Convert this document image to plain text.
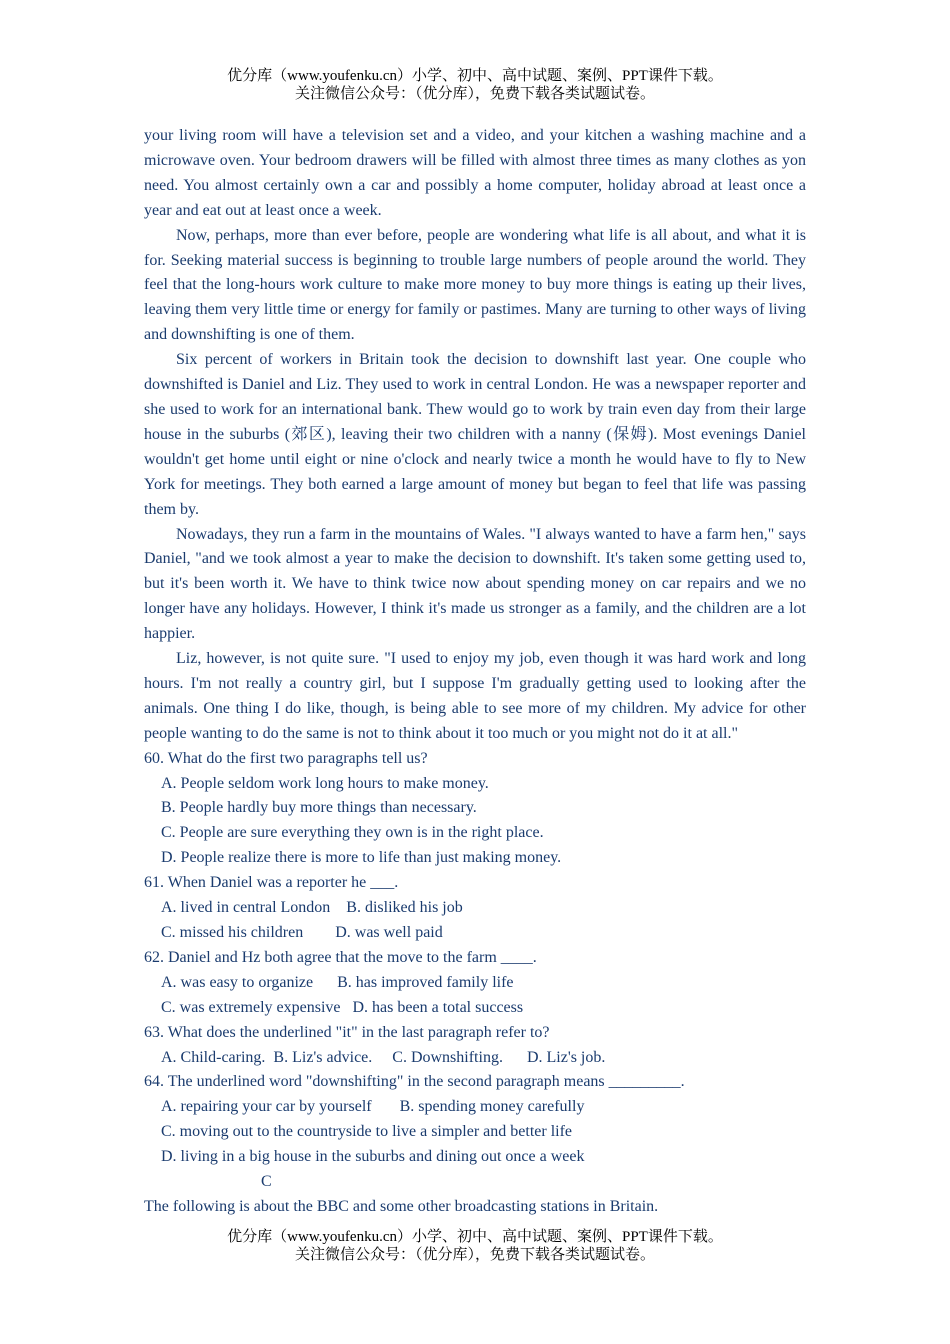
优分库（www.youfenku.cn）小学、初中、高中试题、案例、PPT课件下载。
关注微信公众号：（优分库），免费下载各类试题试卷。

your living room will have a television set and a video, and your kitchen a washing machine and a microwave oven. Your bedroom drawers will be filled with almost three times as many clothes as yon need. You almost certainly own a car and possibly a home computer, holiday abroad at least once a year and eat out at least once a week.

Now, perhaps, more than ever before, people are wondering what life is all about, and what it is for. Seeking material success is beginning to trouble large numbers of people around the world. They feel that the long-hours work culture to make more money to buy more things is eating up their lives, leaving them very little time or energy for family or pastimes. Many are turning to other ways of living and downshifting is one of them.

Six percent of workers in Britain took the decision to downshift last year. One couple who downshifted is Daniel and Liz. They used to work in central London. He was a newspaper reporter and she used to work for an international bank. Thew would go to work by train even day from their large house in the suburbs (郊区), leaving their two children with a nanny (保姆). Most evenings Daniel wouldn't get home until eight or nine o'clock and nearly twice a month he would have to fly to New York for meetings. They both earned a large amount of money but began to feel that life was passing them by.

Nowadays, they run a farm in the mountains of Wales. "I always wanted to have a farm hen," says Daniel, "and we took almost a year to make the decision to downshift. It's taken some getting used to, but it's been worth it. We have to think twice now about spending money on car repairs and we no longer have any holidays. However, I think it's made us stronger as a family, and the children are a lot happier.

Liz, however, is not quite sure. "I used to enjoy my job, even though it was hard work and long hours. I'm not really a country girl, but I suppose I'm gradually getting used to looking after the animals. One thing I do like, though, is being able to see more of my children. My advice for other people wanting to do the same is not to think about it too much or you might not do it at all."

60. What do the first two paragraphs tell us?

A. People seldom work long hours to make money.

B. People hardly buy more things than necessary.

C. People are sure everything they own is in the right place.

D. People realize there is more to life than just making money.

61. When Daniel was a reporter he ___.

A. lived in central London    B. disliked his job

C. missed his children        D. was well paid

62. Daniel and Hz both agree that the move to the farm ____.

A. was easy to organize      B. has improved family life

C. was extremely expensive   D. has been a total success

63. What does the underlined "it" in the last paragraph refer to?

A. Child-caring.  B. Liz's advice.     C. Downshifting.      D. Liz's job.

64. The underlined word "downshifting" in the second paragraph means _________.

A. repairing your car by yourself       B. spending money carefully

C. moving out to the countryside to live a simpler and better life

D. living in a big house in the suburbs and dining out once a week

C

The following is about the BBC and some other broadcasting stations in Britain.

优分库（www.youfenku.cn）小学、初中、高中试题、案例、PPT课件下载。
关注微信公众号：（优分库），免费下载各类试题试卷。
